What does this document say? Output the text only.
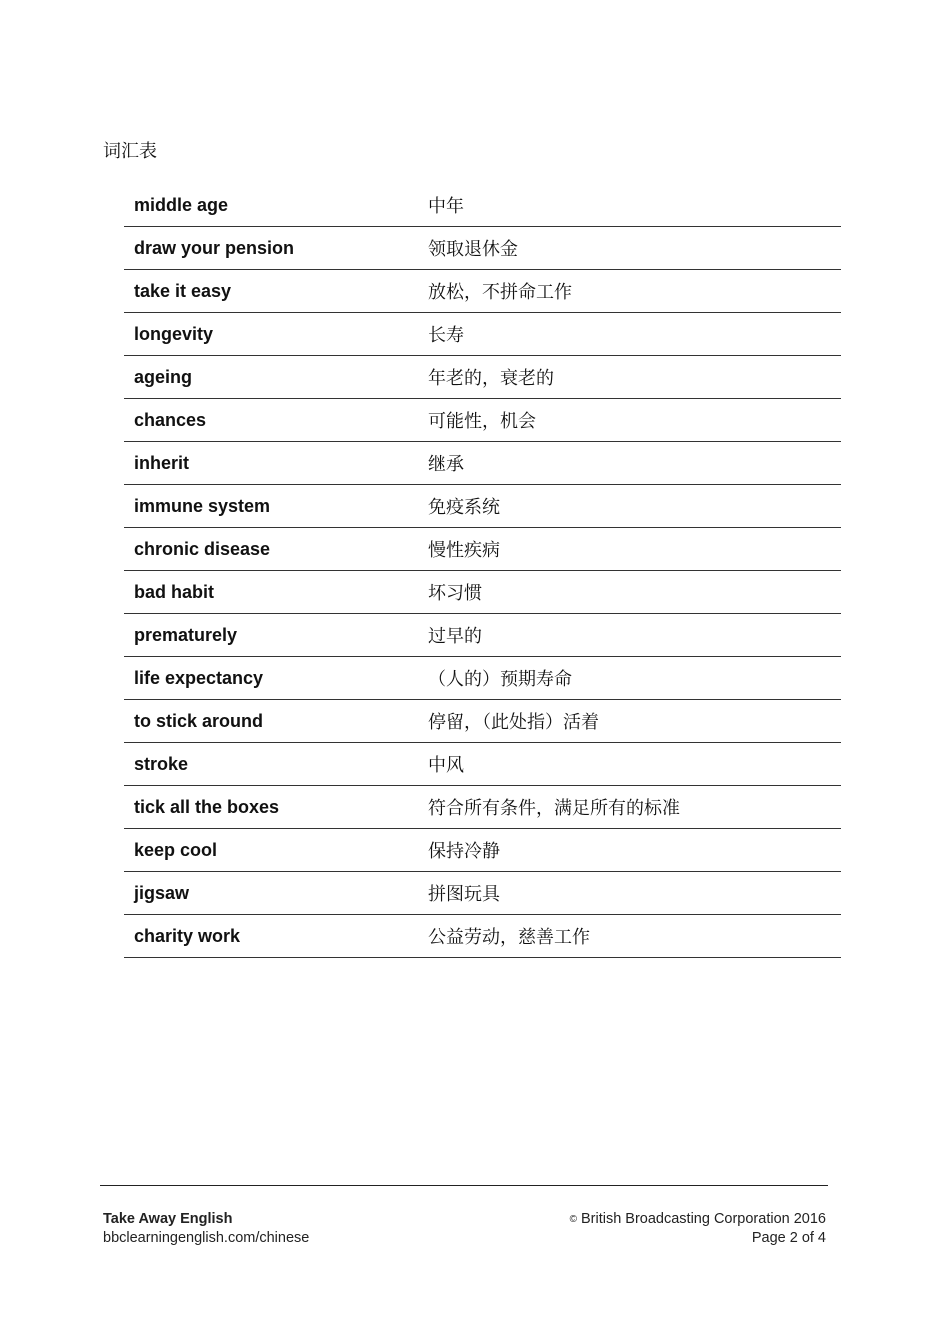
词汇表
middle age	中年
draw your pension	领取退休金
take it easy	放松，不拼命工作
longevity	长寿
ageing	年老的，衰老的
chances	可能性，机会
inherit	继承
immune system	免疫系统
chronic disease	慢性疾病
bad habit	坏习惯
prematurely	过早的
life expectancy	（人的）预期寿命
to stick around	停留，（此处指）活着
stroke	中风
tick all the boxes	符合所有条件，满足所有的标准
keep cool	保持冷静
jigsaw	拼图玩具
charity work	公益劳动，慈善工作
Take Away English
bbclearningenglish.com/chinese
© British Broadcasting Corporation 2016
Page 2 of 4
